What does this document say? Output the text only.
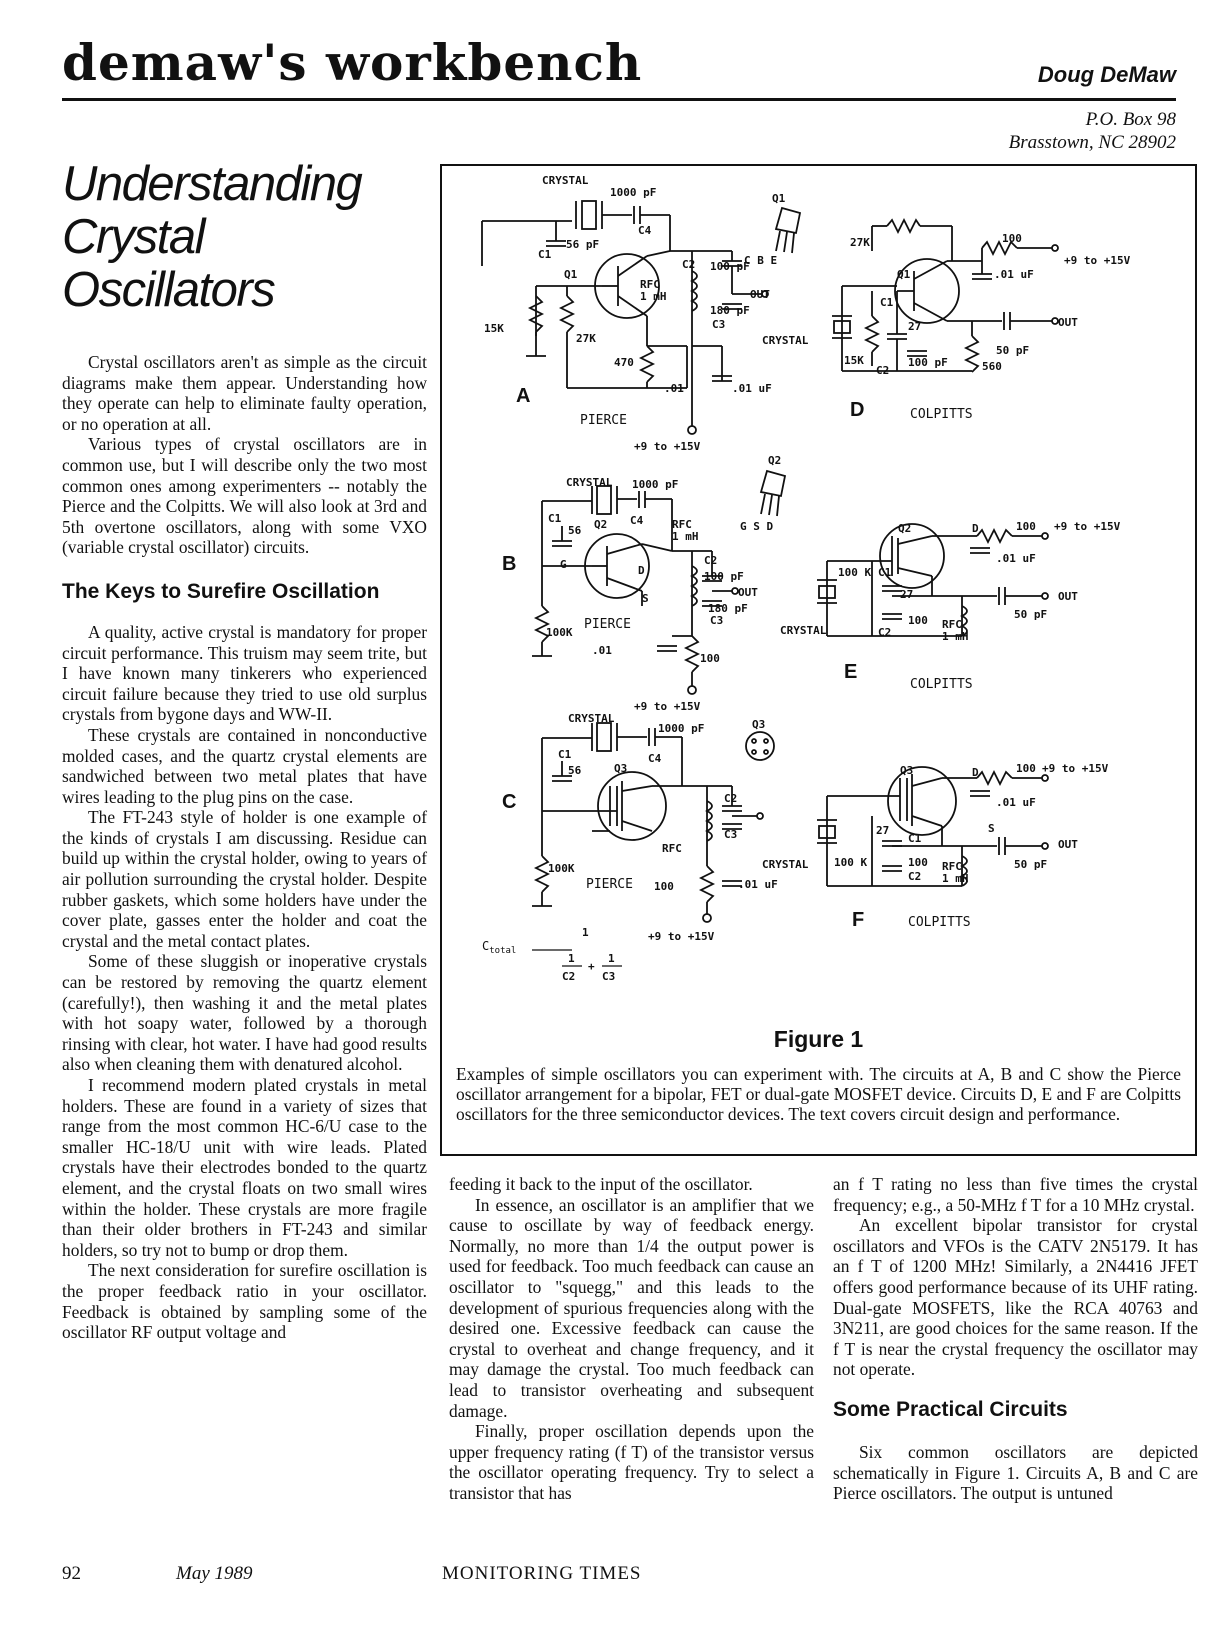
demaw's workbench	Doug DeMaw
P.O. Box 98
Brasstown, NC 28902
Understanding
Crystal
Oscillators

Crystal oscillators aren't as simple as the circuit diagrams make them appear. Understanding how they operate can help to eliminate faulty operation, or no operation at all.

Various types of crystal oscillators are in common use, but I will describe only the two most common ones among experimenters -- notably the Pierce and the Colpitts. We will also look at 3rd and 5th overtone oscillators, along with some VXO (variable crystal oscillator) circuits.

The Keys to Surefire Oscillation

A quality, active crystal is mandatory for proper circuit performance. This truism may seem trite, but I have known many tinkerers who experienced circuit failure because they tried to use old surplus crystals from bygone days and WW-II.

These crystals are contained in nonconductive molded cases, and the quartz crystal elements are sandwiched between two metal plates that have wires leading to the plug pins on the case.

The FT-243 style of holder is one example of the kinds of crystals I am discussing. Residue can build up within the crystal holder, owing to years of air pollution surrounding the crystal holder. Despite rubber gaskets, which some holders have under the cover plate, gasses enter the holder and coat the crystal and the metal contact plates.

Some of these sluggish or inoperative crystals can be restored by removing the quartz element (carefully!), then washing it and the metal plates with hot soapy water, followed by a thorough rinsing with clear, hot water. I have had good results also when cleaning them with denatured alcohol.

I recommend modern plated crystals in metal holders. These are found in a variety of sizes that range from the most common HC-6/U case to the smaller HC-18/U unit with wire leads. Plated crystals have their electrodes bonded to the quartz element, and the crystal floats on two small wires within the holder. These crystals are more fragile than their older brothers in FT-243 and similar holders, so try not to bump or drop them.

The next consideration for surefire oscillation is the proper feedback ratio in your oscillator. Feedback is obtained by sampling some of the oscillator RF output voltage and

CRYSTAL
1000 pF
C4
Q1
C B E
56 pF
C1
Q1
C2 100 pF
RFC
1 mH	OUT
180 pF
C3
15K
27K
470
.01	.01 uF
A
PIERCE
+9 to +15V
Q2
G S D
CRYSTAL 1000 pF
C4
C1
56 Q2	RFC
1 mH
C2
100 pF
OUT
180 pF
C3
G	D
S
B
100K
PIERCE
.01
100
+9 to +15V
Q3
CRYSTAL
1000 pF
C4
C1
56	Q3
RFC
C2
C3
C
100K
PIERCE 100	.01 uF
+9 to +15V
$C_{total}$
1
1	1
+
C2 C3
27K	100
+9 to +15V
.01 uF
Q1
C1
CRYSTAL
27	OUT
50 pF
15K
C2
100 pF	560
D	COLPITTS
Q2	D	100 +9 to +15V
.01 uF
100 K C1
27	OUT
50 pF
CRYSTAL
100
C2
RFC
1 mH
E
COLPITTS
Q3	D	100 +9 to +15V
.01 uF
S
27
C1	OUT
50 pF
CRYSTAL 100 K	100
C2
RFC
1 mH
F	COLPITTS
Figure 1
Examples of simple oscillators you can experiment with. The circuits at A, B and C show the Pierce oscillator arrangement for a bipolar, FET or dual-gate MOSFET device. Circuits D, E and F are Colpitts oscillators for the three semiconductor devices. The text covers circuit design and performance.

feeding it back to the input of the oscillator.

In essence, an oscillator is an amplifier that we cause to oscillate by way of feedback energy. Normally, no more than 1/4 the output power is used for feedback. Too much feedback can cause an oscillator to "squegg," and this leads to the development of spurious frequencies along with the desired one. Excessive feedback can cause the crystal to overheat and change frequency, and it may damage the crystal. Too much feedback can lead to transistor overheating and subsequent damage.

Finally, proper oscillation depends upon the upper frequency rating (f T) of the transistor versus the oscillator operating frequency. Try to select a transistor that has

an f T rating no less than five times the crystal frequency; e.g., a 50-MHz f T for a 10 MHz crystal.

An excellent bipolar transistor for crystal oscillators and VFOs is the CATV 2N5179. It has an f T of 1200 MHz! Similarly, a 2N4416 JFET offers good performance because of its UHF rating. Dual-gate MOSFETS, like the RCA 40763 and 3N211, are good choices for the same reason. If the f T is near the crystal frequency the oscillator may not operate.

Some Practical Circuits

Six common oscillators are depicted schematically in Figure 1. Circuits A, B and C are Pierce oscillators. The output is untuned

92	May 1989	MONITORING TIMES
